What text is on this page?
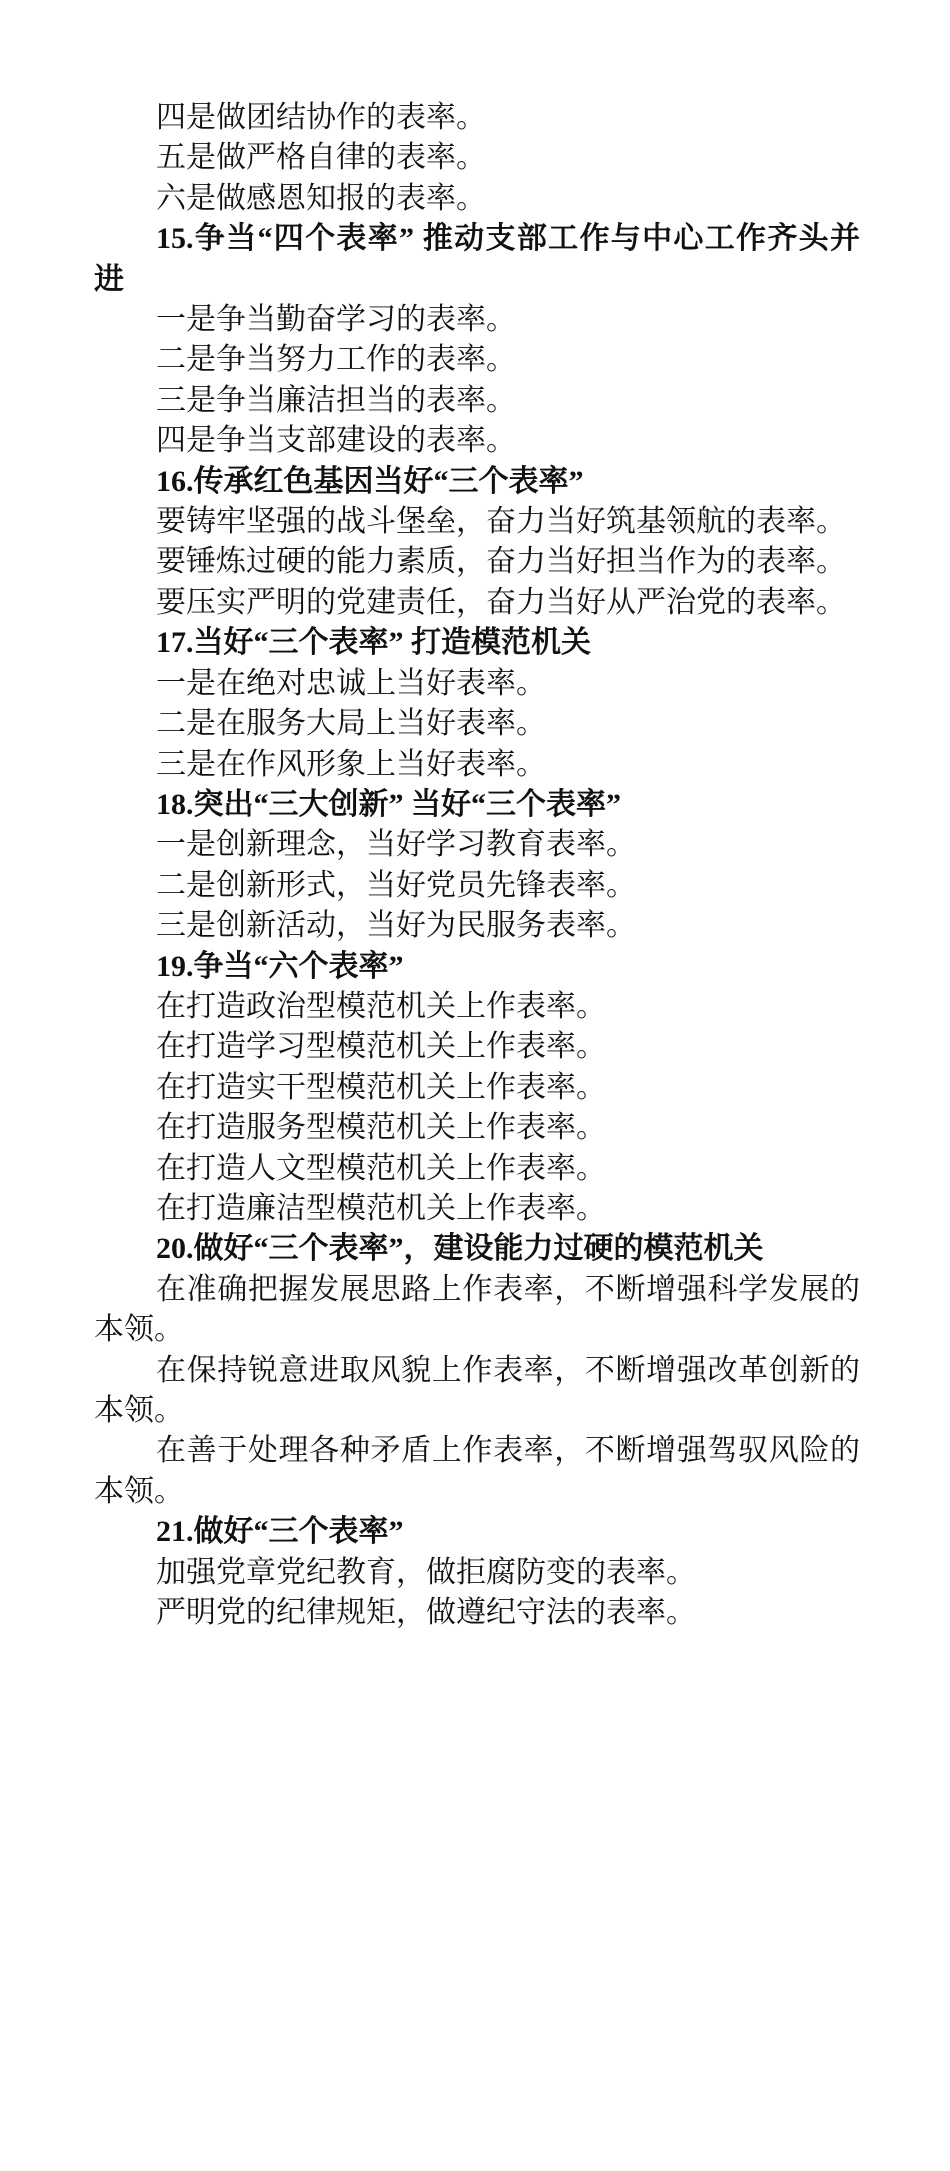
四是做团结协作的表率。

五是做严格自律的表率。

六是做感恩知报的表率。

15.争当“四个表率” 推动支部工作与中心工作齐头并进

一是争当勤奋学习的表率。

二是争当努力工作的表率。

三是争当廉洁担当的表率。

四是争当支部建设的表率。

16.传承红色基因当好“三个表率”

要铸牢坚强的战斗堡垒，奋力当好筑基领航的表率。

要锤炼过硬的能力素质，奋力当好担当作为的表率。

要压实严明的党建责任，奋力当好从严治党的表率。

17.当好“三个表率” 打造模范机关

一是在绝对忠诚上当好表率。

二是在服务大局上当好表率。

三是在作风形象上当好表率。

18.突出“三大创新” 当好“三个表率”

一是创新理念，当好学习教育表率。

二是创新形式，当好党员先锋表率。

三是创新活动，当好为民服务表率。

19.争当“六个表率”

在打造政治型模范机关上作表率。

在打造学习型模范机关上作表率。

在打造实干型模范机关上作表率。

在打造服务型模范机关上作表率。

在打造人文型模范机关上作表率。

在打造廉洁型模范机关上作表率。

20.做好“三个表率”，建设能力过硬的模范机关

在准确把握发展思路上作表率，不断增强科学发展的本领。

在保持锐意进取风貌上作表率，不断增强改革创新的本领。

在善于处理各种矛盾上作表率，不断增强驾驭风险的本领。

21.做好“三个表率”

加强党章党纪教育，做拒腐防变的表率。

严明党的纪律规矩，做遵纪守法的表率。
